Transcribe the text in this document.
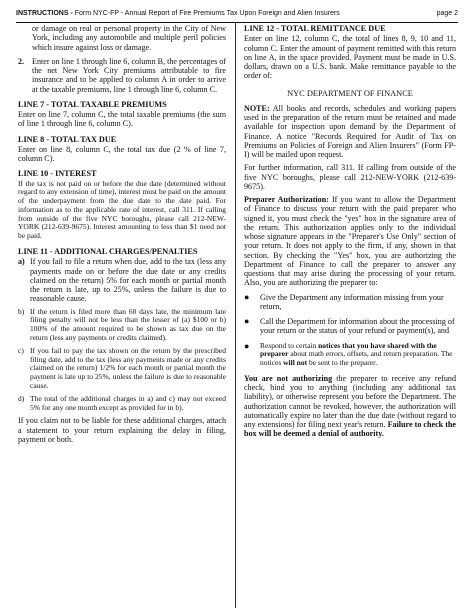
INSTRUCTIONS - Form NYC-FP - Annual Report of Fire Premiums Tax Upon Foreign and Alien Insurers	page 2

or damage on real or personal property in the City of New York, including any automobile and multiple peril policies which insure against loss or damage.

2. Enter on line 1 through line 6, column B, the percentages of the net New York City premiums attributable to fire insurance and to be applied to column A in order to arrive at the taxable premiums, line 1 through line 6, column C.
LINE 7 - TOTAL TAXABLE PREMIUMS

Enter on line 7, column C, the total taxable premiums (the sum of line 1 through line 6, column C).

LINE 8 - TOTAL TAX DUE

Enter on line 8, column C, the total tax due (2 % of line 7, column C).

LINE 10 - INTEREST

If the tax is not paid on or before the due date (determined without regard to any extension of time), interest must be paid on the amount of the underpayment from the due date to the date paid. For information as to the applicable rate of interest, call 311. If calling from outside of the five NYC boroughs, please call 212-NEW-YORK (212-639-9675). Interest amounting to less than $1 need not be paid.

LINE 11 - ADDITIONAL CHARGES/PENALTIES
a) If you fail to file a return when due, add to the tax (less any payments made on or before the due date or any credits claimed on the return) 5% for each month or partial month the return is late, up to 25%, unless the failure is due to reasonable cause.
b) If the return is filed more than 60 days late, the minimum late filing penalty will not be less than the lesser of (a) $100 or b) 100% of the amount required to be shown as tax due on the return (less any payments or credits claimed).
c) If you fail to pay the tax shown on the return by the prescribed filing date, add to the tax (less any payments made or any credits claimed on the return) 1/2% for each month or partial month the payment is late up to 25%, unless the failure is due to reasonable cause.
d) The total of the additional charges in a) and c) may not exceed 5% for any one month except as provided for in b).

If you claim not to be liable for these additional charges, attach a statement to your return explaining the delay in filing, payment or both.

LINE 12 - TOTAL REMITTANCE DUE

Enter on line 12, column C, the total of lines 8, 9, 10 and 11, column C. Enter the amount of payment remitted with this return on line A, in the space provided. Payment must be made in U.S. dollars, drawn on a U.S. bank. Make remittance payable to the order of:

NYC DEPARTMENT OF FINANCE

NOTE: All books and records, schedules and working papers used in the preparation of the return must be retained and made available for inspection upon demand by the Department of Finance. A notice "Records Required for Audit of Tax on Premiums on Policies of Foreign and Alien Insurers" (Form FP-I) will be mailed upon request.

For further information, call 311. If calling from outside of the five NYC boroughs, please call 212-NEW-YORK (212-639-9675).

Preparer Authorization: If you want to allow the Department of Finance to discuss your return with the paid preparer who signed it, you must check the "yes" box in the signature area of the return. This authorization applies only to the individual whose signature appears in the "Preparer's Use Only" section of your return. It does not apply to the firm, if any, shown in that section. By checking the "Yes" box, you are authorizing the Department of Finance to call the preparer to answer any questions that may arise during the processing of your return. Also, you are authorizing the preparer to:

●	Give the Department any information missing from your return,
●	Call the Department for information about the processing of your return or the status of your refund or payment(s), and
●	Respond to certain notices that you have shared with the preparer about math errors, offsets, and return preparation. The notices will not be sent to the preparer.

You are not authorizing the preparer to receive any refund check, bind you to anything (including any additional tax liability), or otherwise represent you before the Department. The authorization cannot be revoked, however, the authorization will automatically expire no later than the due date (without regard to any extensions) for filing next year's return. Failure to check the box will be deemed a denial of authority.
